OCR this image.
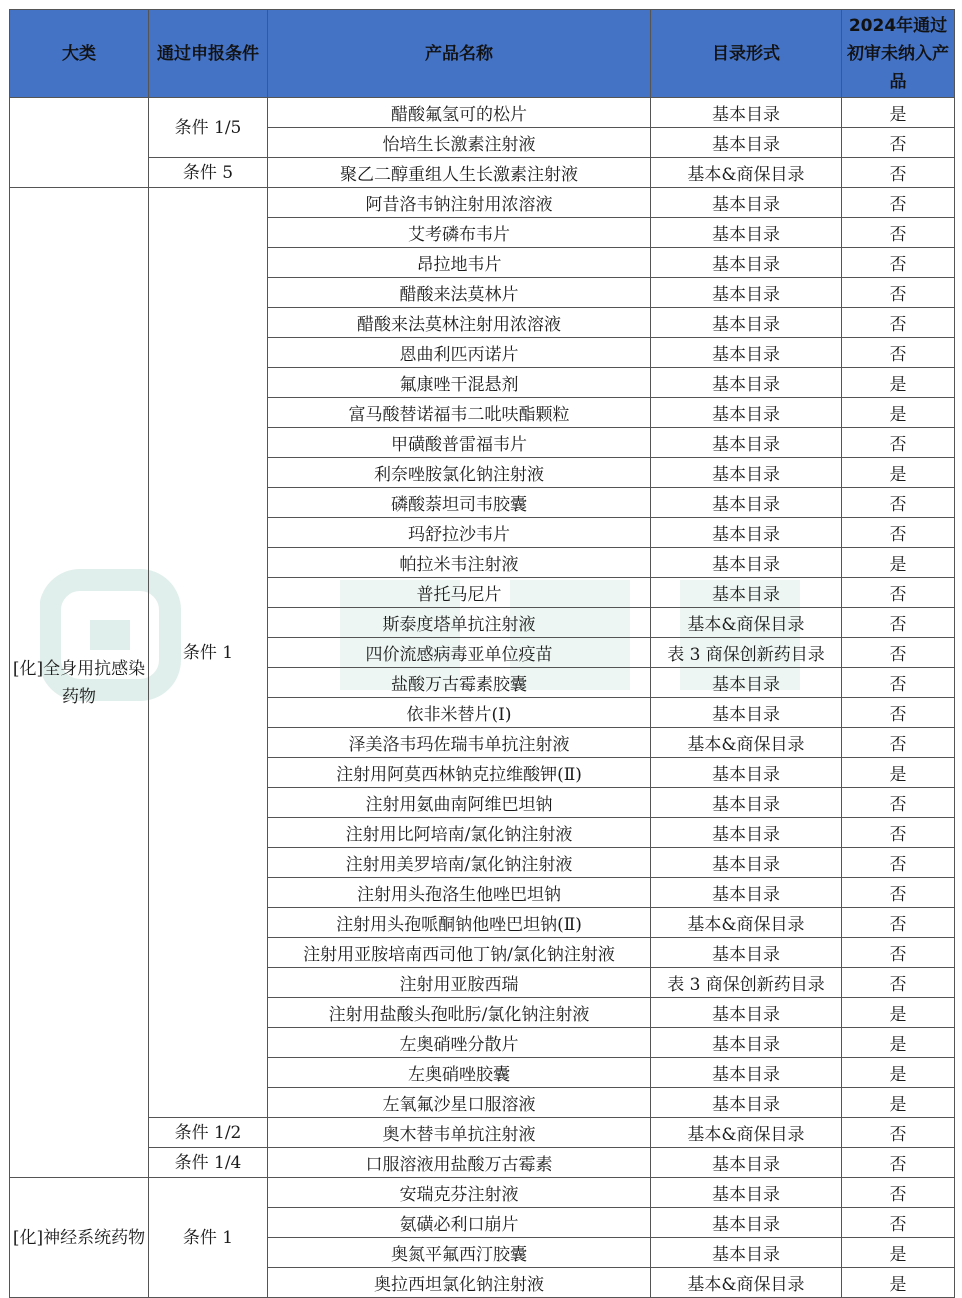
大类	通过申报条件	产品名称	目录形式	2024年通过初审未纳入产品
	条件 1/5	醋酸氟氢可的松片	基本目录	是
		怡培生长激素注射液	基本目录	否
	条件 5	聚乙二醇重组人生长激素注射液	基本&商保目录	否
[化]全身用抗感染药物	条件 1	阿昔洛韦钠注射用浓溶液	基本目录	否
		艾考磷布韦片	基本目录	否
		昂拉地韦片	基本目录	否
		醋酸来法莫林片	基本目录	否
		醋酸来法莫林注射用浓溶液	基本目录	否
		恩曲利匹丙诺片	基本目录	否
		氟康唑干混悬剂	基本目录	是
		富马酸替诺福韦二吡呋酯颗粒	基本目录	是
		甲磺酸普雷福韦片	基本目录	否
		利奈唑胺氯化钠注射液	基本目录	是
		磷酸萘坦司韦胶囊	基本目录	否
		玛舒拉沙韦片	基本目录	否
		帕拉米韦注射液	基本目录	是
		普托马尼片	基本目录	否
		斯泰度塔单抗注射液	基本&商保目录	否
		四价流感病毒亚单位疫苗	表 3 商保创新药目录	否
		盐酸万古霉素胶囊	基本目录	否
		依非米替片(Ⅰ)	基本目录	否
		泽美洛韦玛佐瑞韦单抗注射液	基本&商保目录	否
		注射用阿莫西林钠克拉维酸钾(Ⅱ)	基本目录	是
		注射用氨曲南阿维巴坦钠	基本目录	否
		注射用比阿培南/氯化钠注射液	基本目录	否
		注射用美罗培南/氯化钠注射液	基本目录	否
		注射用头孢洛生他唑巴坦钠	基本目录	否
		注射用头孢哌酮钠他唑巴坦钠(Ⅱ)	基本&商保目录	否
		注射用亚胺培南西司他丁钠/氯化钠注射液	基本目录	否
		注射用亚胺西瑞	表 3 商保创新药目录	否
		注射用盐酸头孢吡肟/氯化钠注射液	基本目录	是
		左奥硝唑分散片	基本目录	是
		左奥硝唑胶囊	基本目录	是
		左氧氟沙星口服溶液	基本目录	是
	条件 1/2	奥木替韦单抗注射液	基本&商保目录	否
	条件 1/4	口服溶液用盐酸万古霉素	基本目录	否
[化]神经系统药物	条件 1	安瑞克芬注射液	基本目录	否
		氨磺必利口崩片	基本目录	否
		奥氮平氟西汀胶囊	基本目录	是
		奥拉西坦氯化钠注射液	基本&商保目录	是
